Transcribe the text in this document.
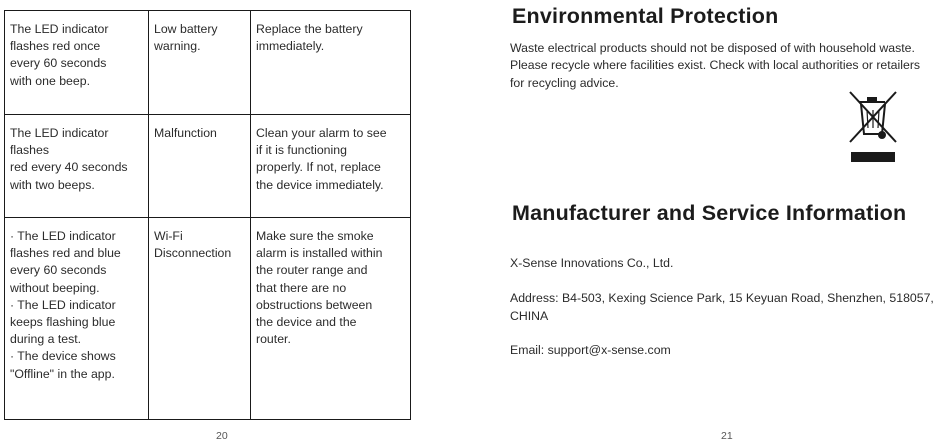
The LED indicator
flashes red once
every 60 seconds
with one beep.
Low battery
warning.
Replace the battery
immediately.
The LED indicator
flashes
red every 40 seconds
with two beeps.
Malfunction	Clean your alarm to see
if it is functioning
properly. If not, replace
the device immediately.
· The LED indicator
flashes red and blue
every 60 seconds
without beeping.
· The LED indicator
keeps flashing blue
during a test.
· The device shows
"Offline" in the app.
Wi-Fi
Disconnection
Make sure the smoke
alarm is installed within
the router range and
that there are no
obstructions between
the device and the
router.
20
Environmental Protection
Waste electrical products should not be disposed of with household waste.
Please recycle where facilities exist. Check with local authorities or retailers
for recycling advice.
Manufacturer and Service Information

X-Sense Innovations Co., Ltd.

Address: B4-503, Kexing Science Park, 15 Keyuan Road, Shenzhen, 518057,
CHINA

Email: support@x-sense.com

21
